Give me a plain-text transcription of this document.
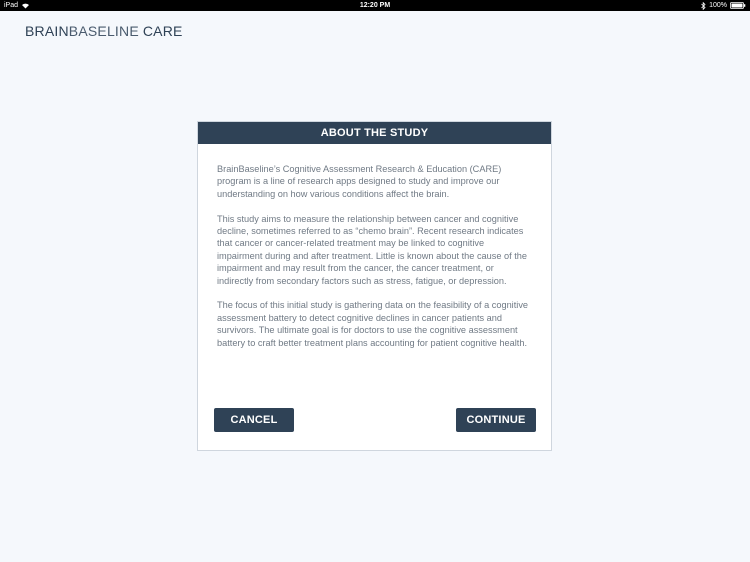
iPad	12:20 PM	100%
BRAINBASELINE CARE
ABOUT THE STUDY

BrainBaseline’s Cognitive Assessment Research & Education (CARE) program is a line of research apps designed to study and improve our understanding on how various conditions affect the brain.

This study aims to measure the relationship between cancer and cognitive decline, sometimes referred to as “chemo brain”. Recent research indicates that cancer or cancer-related treatment may be linked to cognitive impairment during and after treatment. Little is known about the cause of the impairment and may result from the cancer, the cancer treatment, or indirectly from secondary factors such as stress, fatigue, or depression.

The focus of this initial study is gathering data on the feasibility of a cognitive assessment battery to detect cognitive declines in cancer patients and survivors. The ultimate goal is for doctors to use the cognitive assessment battery to craft better treatment plans accounting for patient cognitive health.

CANCEL	CONTINUE
